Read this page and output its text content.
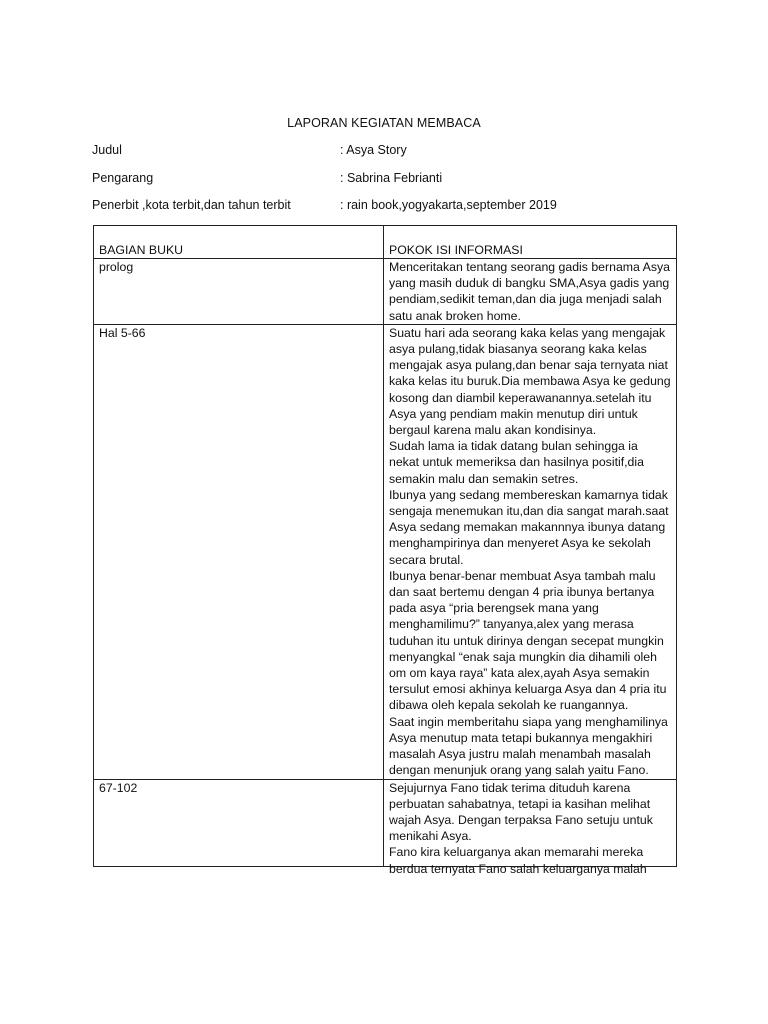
LAPORAN KEGIATAN MEMBACA
Judul	: Asya Story
Pengarang	: Sabrina Febrianti
Penerbit ,kota terbit,dan tahun terbit	: rain book,yogyakarta,september 2019
BAGIAN BUKU	POKOK ISI INFORMASI
prolog	Menceritakan tentang seorang gadis bernama Asya yang masih duduk di bangku SMA,Asya gadis yang pendiam,sedikit teman,dan dia juga menjadi salah satu anak broken home.

Hal 5-66	Suatu hari ada seorang kaka kelas yang mengajak asya pulang,tidak biasanya seorang kaka kelas mengajak asya pulang,dan benar saja ternyata niat kaka kelas itu buruk.Dia membawa Asya ke gedung kosong dan diambil keperawanannya.setelah itu Asya yang pendiam makin menutup diri untuk bergaul karena malu akan kondisinya.
Sudah lama ia tidak datang bulan sehingga ia nekat untuk memeriksa dan hasilnya positif,dia semakin malu dan semakin setres.
Ibunya yang sedang membereskan kamarnya tidak sengaja menemukan itu,dan dia sangat marah.saat Asya sedang memakan makannnya ibunya datang menghampirinya dan menyeret Asya ke sekolah secara brutal.
Ibunya benar-benar membuat Asya tambah malu dan saat bertemu dengan 4 pria ibunya bertanya pada asya “pria berengsek mana yang menghamilimu?” tanyanya,alex yang merasa tuduhan itu untuk dirinya dengan secepat mungkin menyangkal “enak saja mungkin dia dihamili oleh om om kaya raya” kata alex,ayah Asya semakin tersulut emosi akhinya keluarga Asya dan 4 pria itu dibawa oleh kepala sekolah ke ruangannya.
Saat ingin memberitahu siapa yang menghamilinya Asya menutup mata tetapi bukannya mengakhiri masalah Asya justru malah menambah masalah dengan menunjuk orang yang salah yaitu Fano.

67-102	Sejujurnya Fano tidak terima dituduh karena perbuatan sahabatnya, tetapi ia kasihan melihat wajah Asya. Dengan terpaksa Fano setuju untuk menikahi Asya.
Fano kira keluarganya akan memarahi mereka berdua ternyata Fano salah keluarganya malah
